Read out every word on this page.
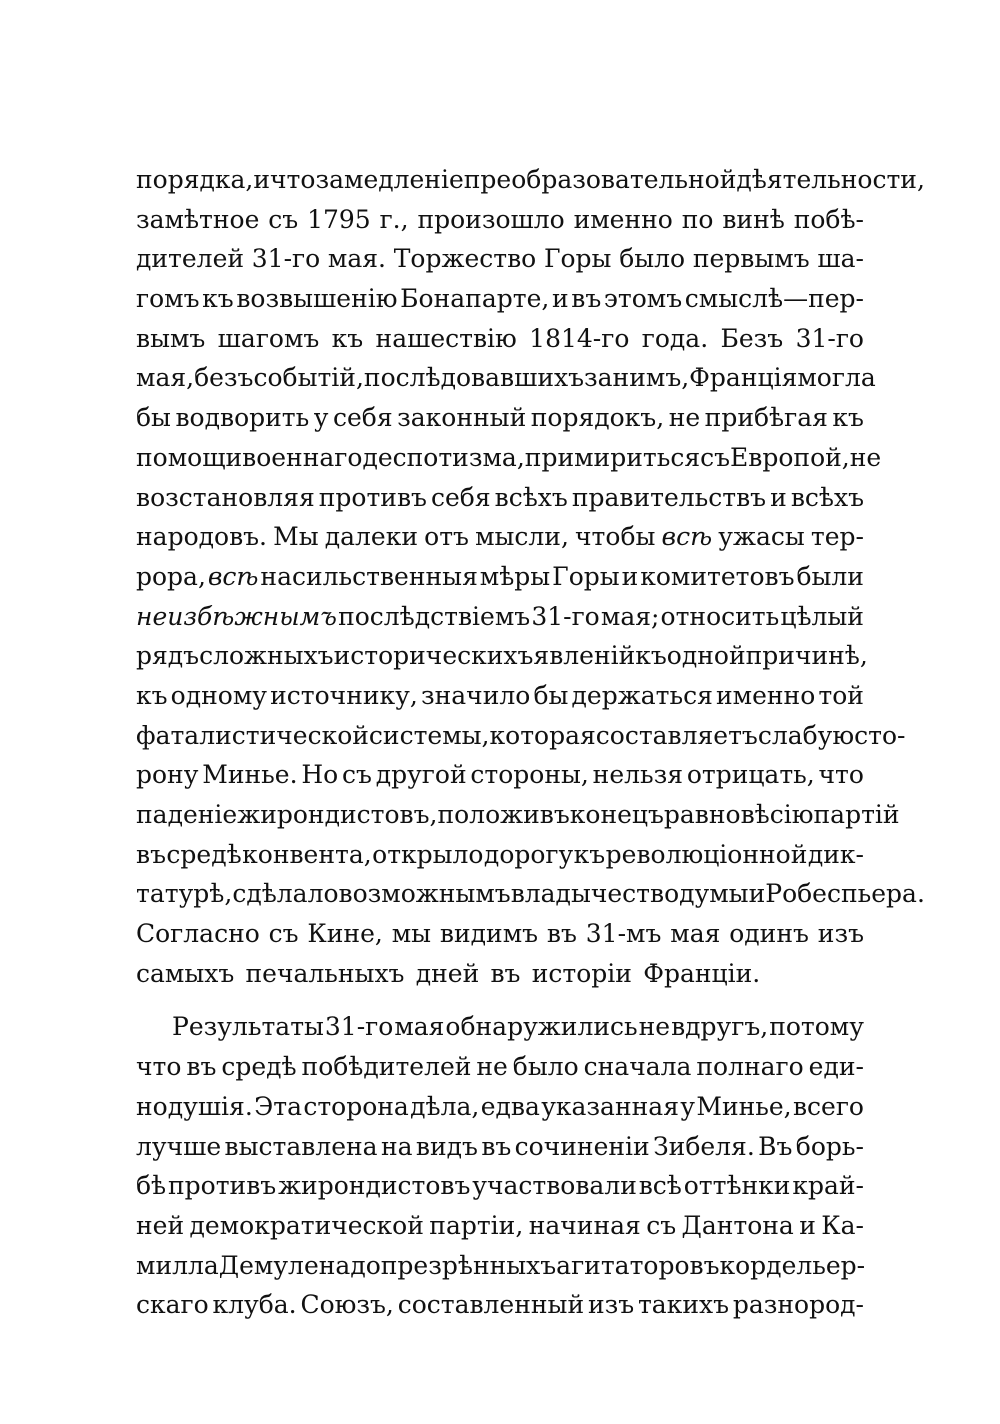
порядка, и что замедленіе преобразовательной дѣятельности,
замѣтное съ 1795 г., произошло именно по винѣ побѣ-
дителей 31-го мая. Торжество Горы было первымъ ша-
гомъ къ возвышенію Бонапарте, и въ этомъ смыслѣ—пер-
вымъ шагомъ къ нашествію 1814-го года. Безъ 31-го
мая, безъ событій, послѣдовавшихъ за нимъ, Франція могла
бы водворить у себя законный порядокъ, не прибѣгая къ
помощи военнаго деспотизма, примириться съ Европой, не
возстановляя противъ себя всѣхъ правительствъ и всѣхъ
народовъ. Мы далеки отъ мысли, чтобы всѣ ужасы тер-
рора, всѣ насильственныя мѣры Горы и комитетовъ были
неизбѣжнымъ послѣдствіемъ 31-го мая; относить цѣлый
рядъ сложныхъ историческихъ явленій къ одной причинѣ,
къ одному источнику, значило бы держаться именно той
фаталистической системы, которая составляетъ слабую сто-
рону Минье. Но съ другой стороны, нельзя отрицать, что
паденіе жирондистовъ, положивъ конецъ равновѣсію партій
въ средѣ конвента, открыло дорогу къ революціонной дик-
татурѣ, сдѣлало возможнымъ владычество думы и Робеспьера.
Согласно съ Кине, мы видимъ въ 31-мъ мая одинъ изъ
самыхъ печальныхъ дней въ исторіи Франціи.
Результаты 31-го мая обнаружились не вдругъ, потому
что въ средѣ побѣдителей не было сначала полнаго еди-
нодушія. Эта сторона дѣла, едва указанная у Минье, всего
лучше выставлена на видъ въ сочиненіи Зибеля. Въ борь-
бѣ противъ жирондистовъ участвовали всѣ оттѣнки край-
ней демократической партіи, начиная съ Дантона и Ка-
милла Демулена до презрѣнныхъ агитаторовъ кордельер-
скаго клуба. Союзъ, составленный изъ такихъ разнород-
